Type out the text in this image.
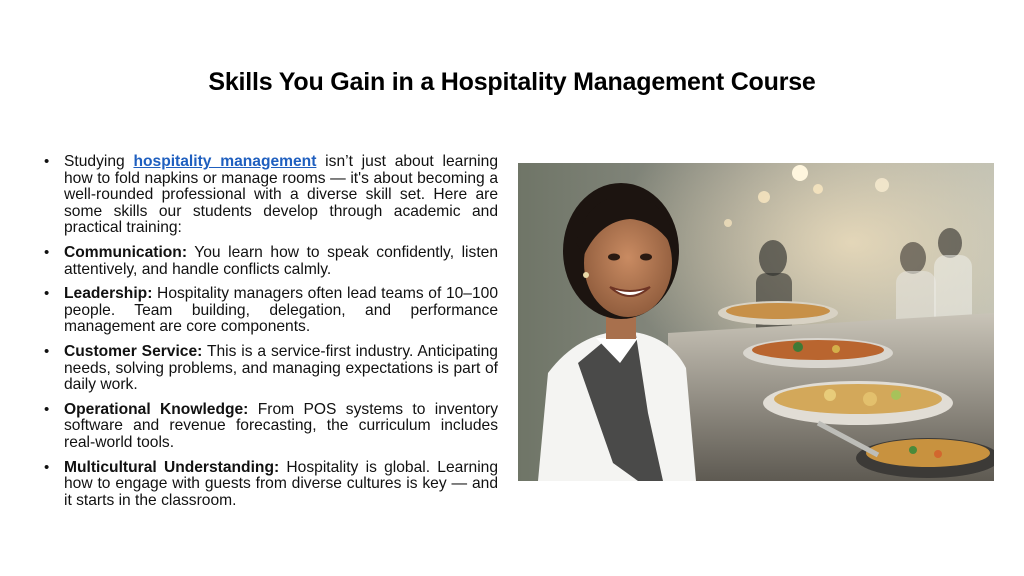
Skills You Gain in a Hospitality Management Course
• Studying hospitality management isn’t just about learning how to fold napkins or manage rooms — it's about becoming a well-rounded professional with a diverse skill set. Here are some skills our students develop through academic and practical training:
• Communication: You learn how to speak confidently, listen attentively, and handle conflicts calmly.
• Leadership: Hospitality managers often lead teams of 10–100 people. Team building, delegation, and performance management are core components.
• Customer Service: This is a service-first industry. Anticipating needs, solving problems, and managing expectations is part of daily work.
• Operational Knowledge: From POS systems to inventory software and revenue forecasting, the curriculum includes real-world tools.
• Multicultural Understanding: Hospitality is global. Learning how to engage with guests from diverse cultures is key — and it starts in the classroom.
